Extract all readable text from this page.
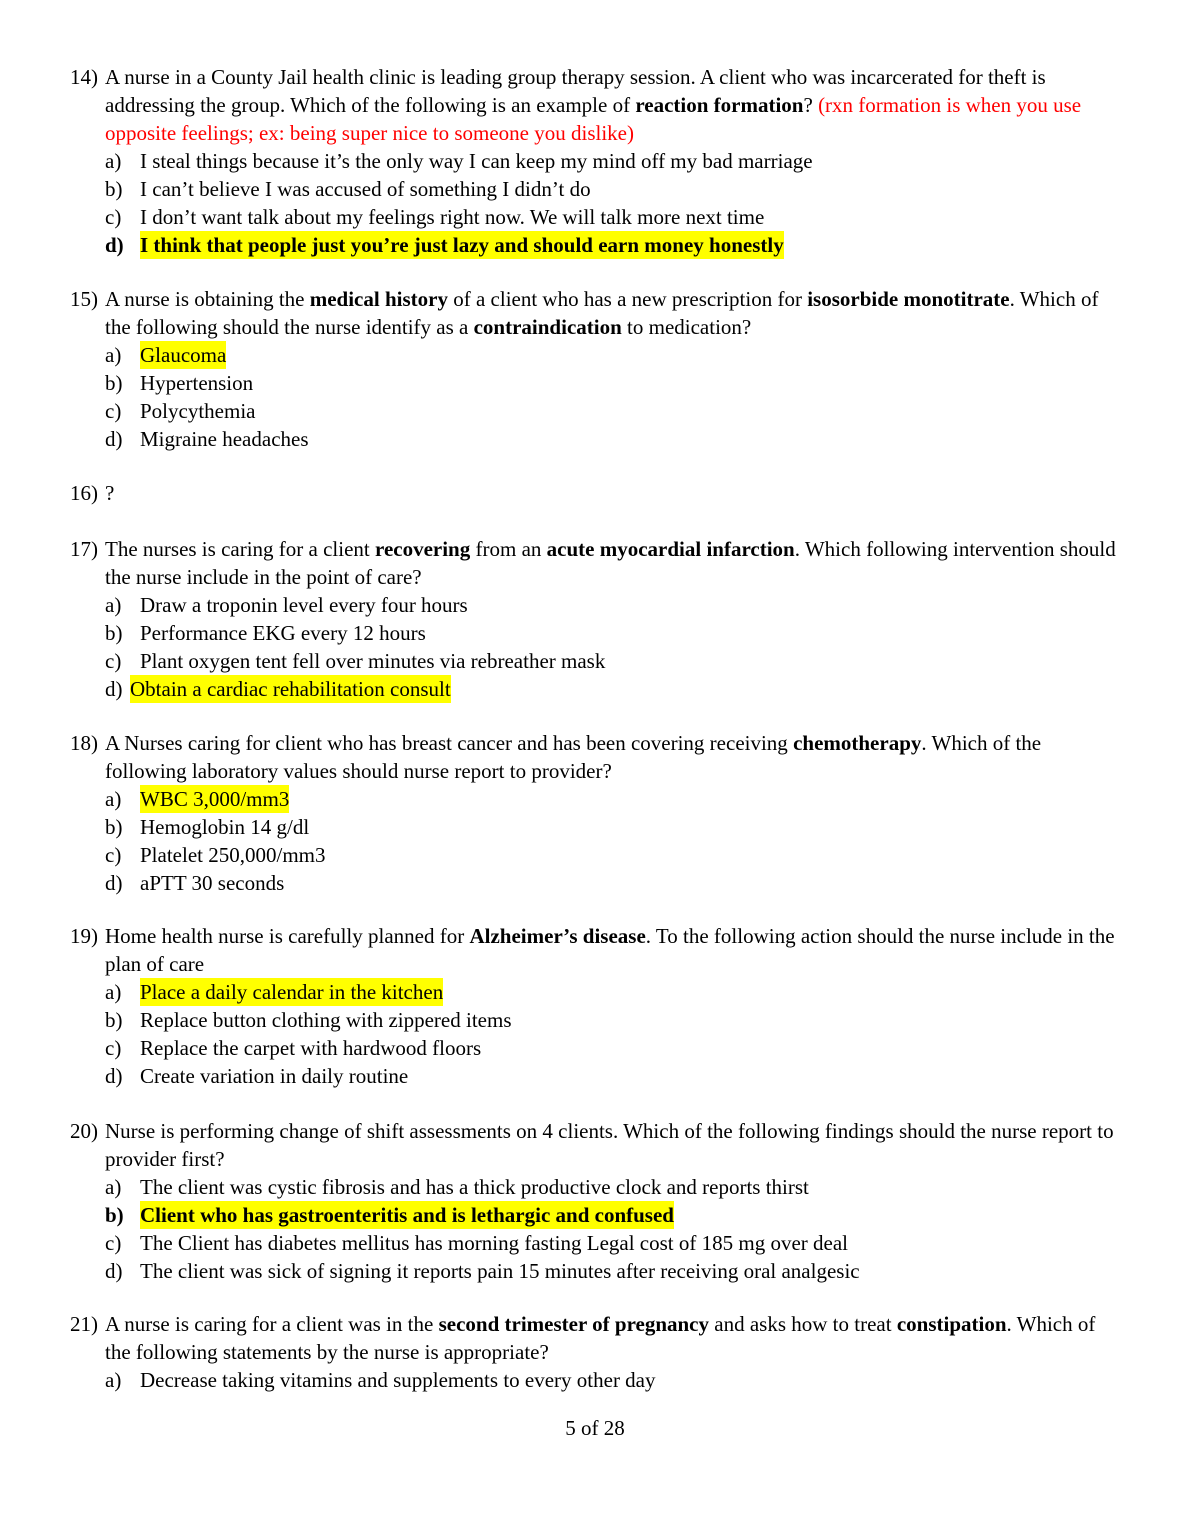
14) A nurse in a County Jail health clinic is leading group therapy session. A client who was incarcerated for theft is addressing the group. Which of the following is an example of reaction formation? (rxn formation is when you use opposite feelings; ex: being super nice to someone you dislike)
a) I steal things because it’s the only way I can keep my mind off my bad marriage
b) I can’t believe I was accused of something I didn’t do
c) I don’t want talk about my feelings right now. We will talk more next time
d) I think that people just you’re just lazy and should earn money honestly
15) A nurse is obtaining the medical history of a client who has a new prescription for isosorbide monotitrate. Which of the following should the nurse identify as a contraindication to medication?
a) Glaucoma
b) Hypertension
c) Polycythemia
d) Migraine headaches
16) ?
17) The nurses is caring for a client recovering from an acute myocardial infarction. Which following intervention should the nurse include in the point of care?
a) Draw a troponin level every four hours
b) Performance EKG every 12 hours
c) Plant oxygen tent fell over minutes via rebreather mask
d) Obtain a cardiac rehabilitation consult
18) A Nurses caring for client who has breast cancer and has been covering receiving chemotherapy. Which of the following laboratory values should nurse report to provider?
a) WBC 3,000/mm3
b) Hemoglobin 14 g/dl
c) Platelet 250,000/mm3
d) aPTT 30 seconds
19) Home health nurse is carefully planned for Alzheimer’s disease. To the following action should the nurse include in the plan of care
a) Place a daily calendar in the kitchen
b) Replace button clothing with zippered items
c) Replace the carpet with hardwood floors
d) Create variation in daily routine
20) Nurse is performing change of shift assessments on 4 clients. Which of the following findings should the nurse report to provider first?
a) The client was cystic fibrosis and has a thick productive clock and reports thirst
b) Client who has gastroenteritis and is lethargic and confused
c) The Client has diabetes mellitus has morning fasting Legal cost of 185 mg over deal
d) The client was sick of signing it reports pain 15 minutes after receiving oral analgesic
21) A nurse is caring for a client was in the second trimester of pregnancy and asks how to treat constipation. Which of the following statements by the nurse is appropriate?
a) Decrease taking vitamins and supplements to every other day
5 of 28
